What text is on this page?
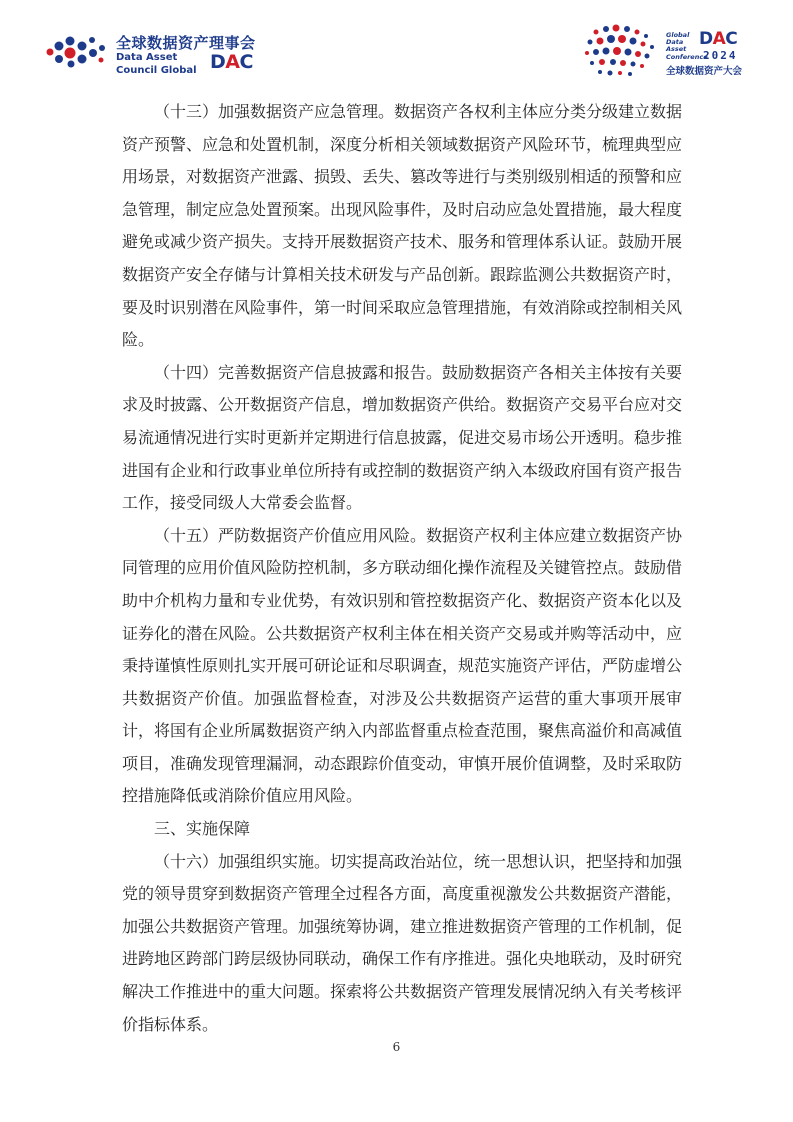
全球数据资产理事会
Data Asset
Council Global DAC
Global
Data
Asset
Conference
DAC
2024
全球数据资产大会

（十三）加强数据资产应急管理。数据资产各权利主体应分类分级建立数据资产预警、应急和处置机制，深度分析相关领域数据资产风险环节，梳理典型应用场景，对数据资产泄露、损毁、丢失、篡改等进行与类别级别相适的预警和应急管理，制定应急处置预案。出现风险事件，及时启动应急处置措施，最大程度避免或减少资产损失。支持开展数据资产技术、服务和管理体系认证。鼓励开展数据资产安全存储与计算相关技术研发与产品创新。跟踪监测公共数据资产时，要及时识别潜在风险事件，第一时间采取应急管理措施，有效消除或控制相关风险。

（十四）完善数据资产信息披露和报告。鼓励数据资产各相关主体按有关要求及时披露、公开数据资产信息，增加数据资产供给。数据资产交易平台应对交易流通情况进行实时更新并定期进行信息披露，促进交易市场公开透明。稳步推进国有企业和行政事业单位所持有或控制的数据资产纳入本级政府国有资产报告工作，接受同级人大常委会监督。

（十五）严防数据资产价值应用风险。数据资产权利主体应建立数据资产协同管理的应用价值风险防控机制，多方联动细化操作流程及关键管控点。鼓励借助中介机构力量和专业优势，有效识别和管控数据资产化、数据资产资本化以及证券化的潜在风险。公共数据资产权利主体在相关资产交易或并购等活动中，应秉持谨慎性原则扎实开展可研论证和尽职调查，规范实施资产评估，严防虚增公共数据资产价值。加强监督检查，对涉及公共数据资产运营的重大事项开展审计，将国有企业所属数据资产纳入内部监督重点检查范围，聚焦高溢价和高减值项目，准确发现管理漏洞，动态跟踪价值变动，审慎开展价值调整，及时采取防控措施降低或消除价值应用风险。

三、实施保障

（十六）加强组织实施。切实提高政治站位，统一思想认识，把坚持和加强党的领导贯穿到数据资产管理全过程各方面，高度重视激发公共数据资产潜能，加强公共数据资产管理。加强统筹协调，建立推进数据资产管理的工作机制，促进跨地区跨部门跨层级协同联动，确保工作有序推进。强化央地联动，及时研究解决工作推进中的重大问题。探索将公共数据资产管理发展情况纳入有关考核评价指标体系。

6
